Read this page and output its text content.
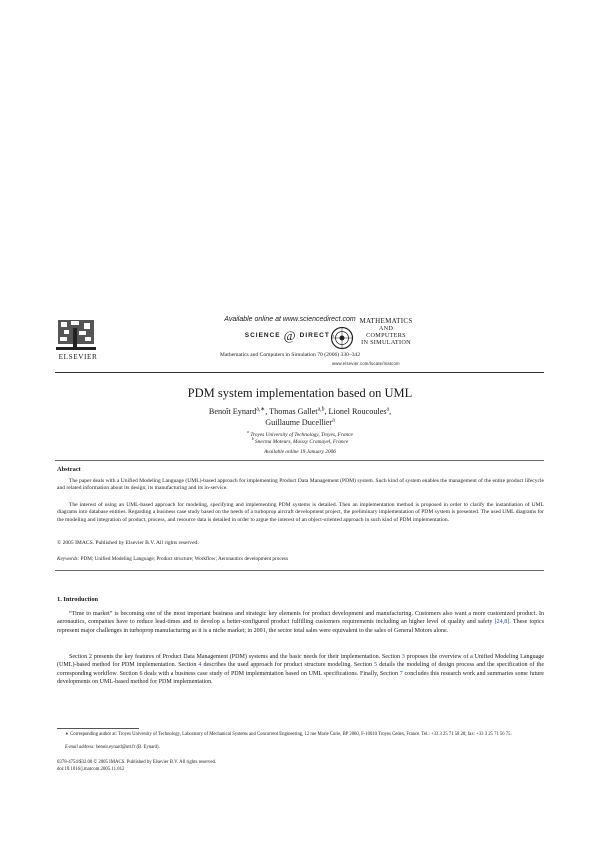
ELSEVIER
Available online at www.sciencedirect.com
SCIENCE @ DIRECT •
Mathematics and Computers in Simulation 70 (2006) 330–342
MATHEMATICS
AND
COMPUTERS
IN SIMULATION
www.elsevier.com/locate/matcom
PDM system implementation based on UML
Benoît Eynard$^{a,∗}$, Thomas Gallet$^{a,b}$, Lionel Roucoules$^a$,
Guillaume Ducellier$^a$
$^a$ Troyes University of Technology, Troyes, France
$^b$ Snecma Moteurs, Moissy Cramayel, France
Available online 19 January 2006
Abstract

The paper deals with a Unified Modeling Language (UML)-based approach for implementing Product Data Management (PDM) system. Such kind of system enables the management of the entire product lifecycle and related information about its design, its manufacturing and its in-service.

The interest of using an UML-based approach for modeling, specifying and implementing PDM systems is detailed. Then an implementation method is proposed in order to clarify the instantiation of UML diagrams into database entities. Regarding a business case study based on the needs of a turboprop aircraft development project, the preliminary implementation of PDM system is presented. The used UML diagrams for the modeling and integration of product, process, and resource data is detailed in order to argue the interest of an object-oriented approach in such kind of PDM implementation.

© 2005 IMACS. Published by Elsevier B.V. All rights reserved.
Keywords: PDM; Unified Modeling Language; Product structure; Workflow; Aeronautics development process
1. Introduction

“Time to market” is becoming one of the most important business and strategic key elements for product development and manufacturing. Customers also want a more customized product. In aeronautics, companies have to reduce lead-times and to develop a better-configured product fulfilling customers requirements including an higher level of quality and safety [24,8]. These topics represent major challenges in turboprop manufacturing as it is a niche market; in 2001, the sector total sales were equivalent to the sales of General Motors alone.

Section 2 presents the key features of Product Data Management (PDM) systems and the basic needs for their implementation. Section 3 proposes the overview of a Unified Modeling Language (UML)-based method for PDM implementation. Section 4 describes the used approach for product structure modeling. Section 5 details the modeling of design process and the specification of the corresponding workflow. Section 6 deals with a business case study of PDM implementation based on UML specifications. Finally, Section 7 concludes this research work and summaries some future developments on UML-based method for PDM implementation.

∗ Corresponding author at: Troyes University of Technology, Laboratory of Mechanical Systems and Concurrent Engineering, 12 rue Marie Curie, BP 2060, F-10010 Troyes Cedex, France. Tel.: +33 3 25 71 58 28; fax: +33 3 25 71 56 75.

E-mail address: benoit.eynard@utt.fr (B. Eynard).
0378-4754/$32.00 © 2005 IMACS. Published by Elsevier B.V. All rights reserved.
doi:10.1016/j.matcom.2005.11.012
